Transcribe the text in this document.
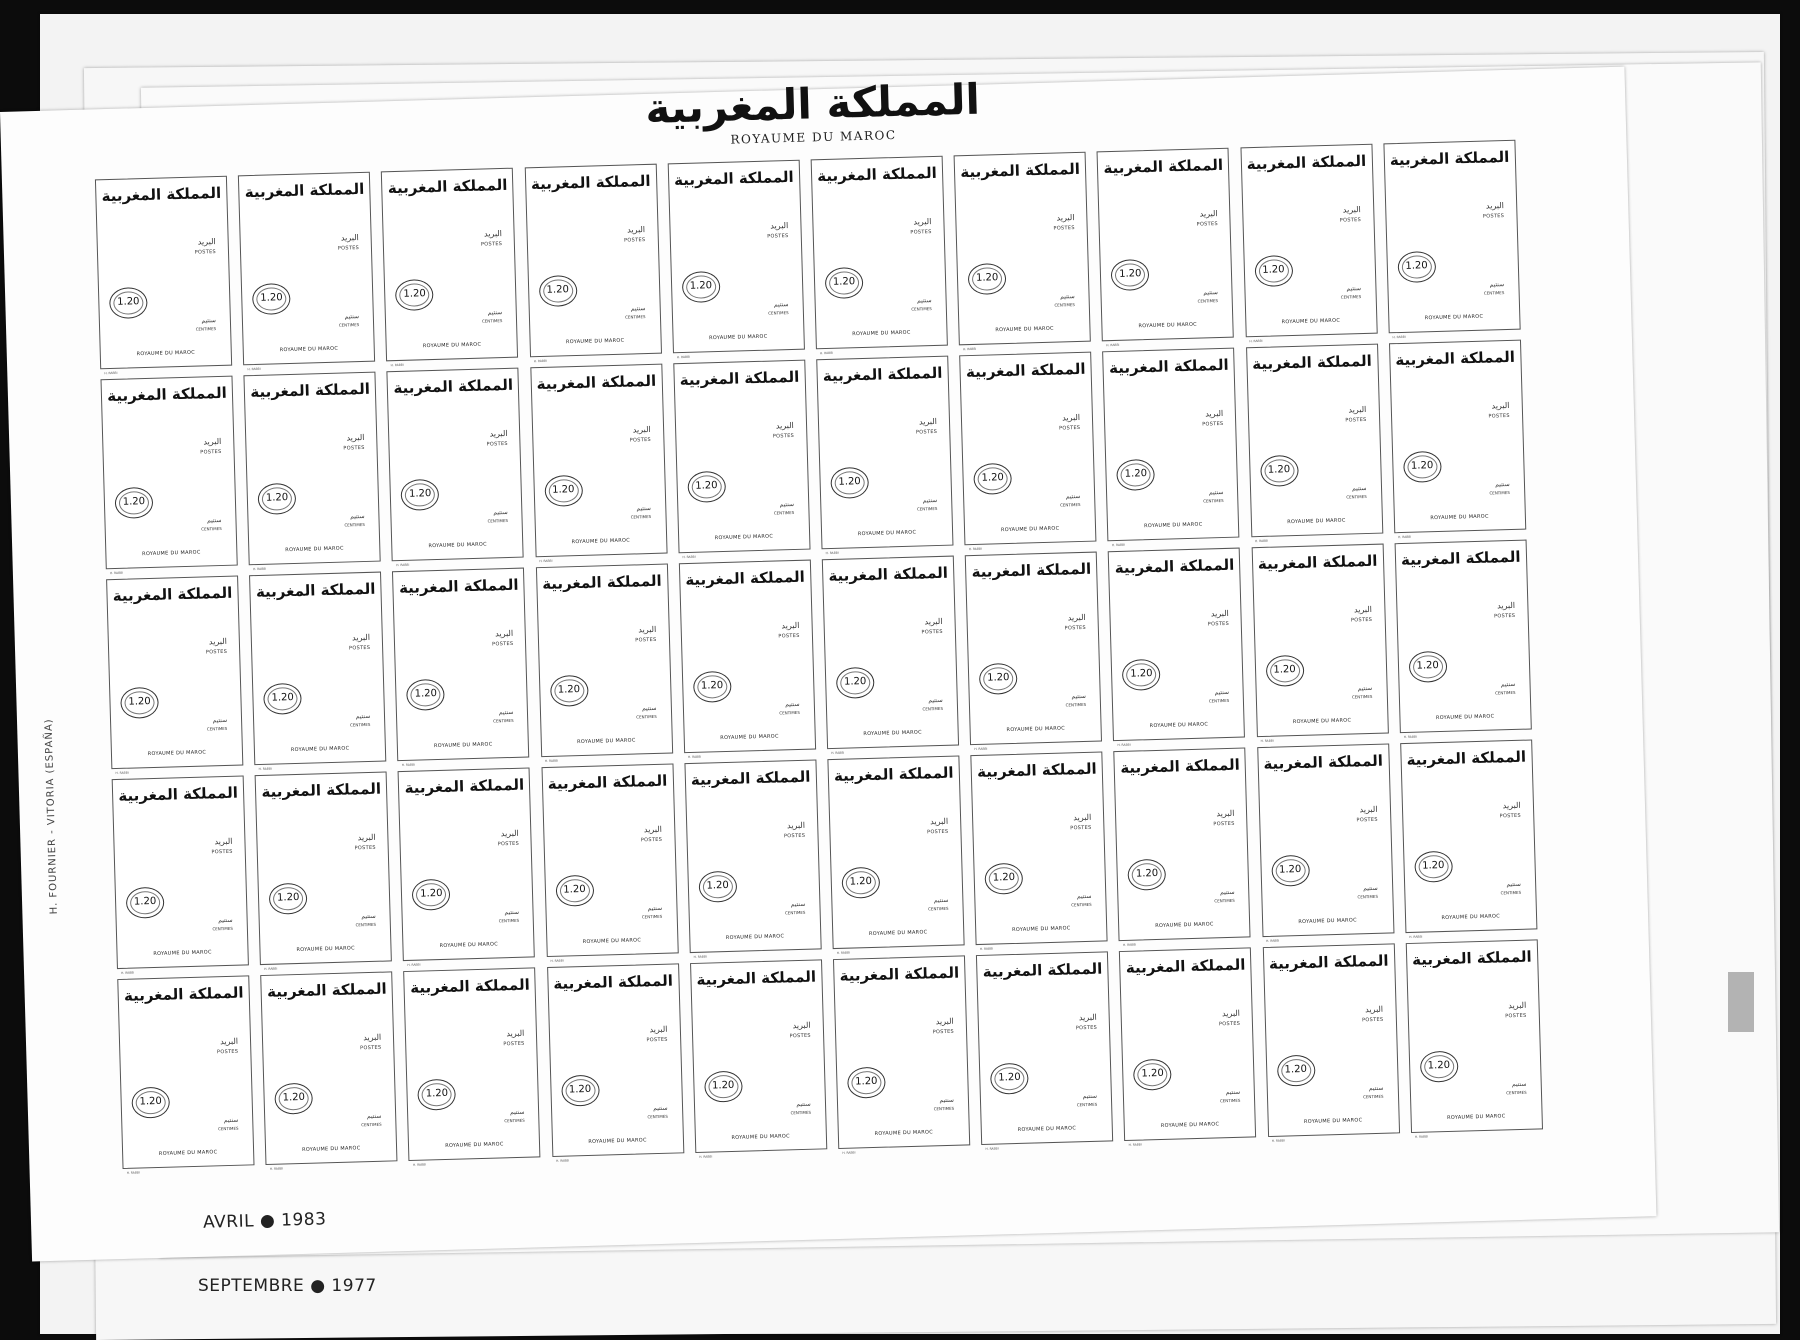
SEPTEMBRE ● 1977
المملكة المغربية
ROYAUME DU MAROC
H. FOURNIER - VITORIA (ESPAÑA)
المملكة المغربية
البريد
POSTES
1.20
سنتيم
CENTIMES
ROYAUME DU MAROC
H. RABBI
المملكة المغربية
البريد
POSTES
1.20
سنتيم
CENTIMES
ROYAUME DU MAROC
H. RABBI
المملكة المغربية
البريد
POSTES
1.20
سنتيم
CENTIMES
ROYAUME DU MAROC
H. RABBI
المملكة المغربية
البريد
POSTES
1.20
سنتيم
CENTIMES
ROYAUME DU MAROC
H. RABBI
المملكة المغربية
البريد
POSTES
1.20
سنتيم
CENTIMES
ROYAUME DU MAROC
H. RABBI
المملكة المغربية
البريد
POSTES
1.20
سنتيم
CENTIMES
ROYAUME DU MAROC
H. RABBI
المملكة المغربية
البريد
POSTES
1.20
سنتيم
CENTIMES
ROYAUME DU MAROC
H. RABBI
المملكة المغربية
البريد
POSTES
1.20
سنتيم
CENTIMES
ROYAUME DU MAROC
H. RABBI
المملكة المغربية
البريد
POSTES
1.20
سنتيم
CENTIMES
ROYAUME DU MAROC
H. RABBI
المملكة المغربية
البريد
POSTES
1.20
سنتيم
CENTIMES
ROYAUME DU MAROC
H. RABBI
المملكة المغربية
البريد
POSTES
1.20
سنتيم
CENTIMES
ROYAUME DU MAROC
H. RABBI
المملكة المغربية
البريد
POSTES
1.20
سنتيم
CENTIMES
ROYAUME DU MAROC
H. RABBI
المملكة المغربية
البريد
POSTES
1.20
سنتيم
CENTIMES
ROYAUME DU MAROC
H. RABBI
المملكة المغربية
البريد
POSTES
1.20
سنتيم
CENTIMES
ROYAUME DU MAROC
H. RABBI
المملكة المغربية
البريد
POSTES
1.20
سنتيم
CENTIMES
ROYAUME DU MAROC
H. RABBI
المملكة المغربية
البريد
POSTES
1.20
سنتيم
CENTIMES
ROYAUME DU MAROC
H. RABBI
المملكة المغربية
البريد
POSTES
1.20
سنتيم
CENTIMES
ROYAUME DU MAROC
H. RABBI
المملكة المغربية
البريد
POSTES
1.20
سنتيم
CENTIMES
ROYAUME DU MAROC
H. RABBI
المملكة المغربية
البريد
POSTES
1.20
سنتيم
CENTIMES
ROYAUME DU MAROC
H. RABBI
المملكة المغربية
البريد
POSTES
1.20
سنتيم
CENTIMES
ROYAUME DU MAROC
H. RABBI
المملكة المغربية
البريد
POSTES
1.20
سنتيم
CENTIMES
ROYAUME DU MAROC
H. RABBI
المملكة المغربية
البريد
POSTES
1.20
سنتيم
CENTIMES
ROYAUME DU MAROC
H. RABBI
المملكة المغربية
البريد
POSTES
1.20
سنتيم
CENTIMES
ROYAUME DU MAROC
H. RABBI
المملكة المغربية
البريد
POSTES
1.20
سنتيم
CENTIMES
ROYAUME DU MAROC
H. RABBI
المملكة المغربية
البريد
POSTES
1.20
سنتيم
CENTIMES
ROYAUME DU MAROC
H. RABBI
المملكة المغربية
البريد
POSTES
1.20
سنتيم
CENTIMES
ROYAUME DU MAROC
H. RABBI
المملكة المغربية
البريد
POSTES
1.20
سنتيم
CENTIMES
ROYAUME DU MAROC
H. RABBI
المملكة المغربية
البريد
POSTES
1.20
سنتيم
CENTIMES
ROYAUME DU MAROC
H. RABBI
المملكة المغربية
البريد
POSTES
1.20
سنتيم
CENTIMES
ROYAUME DU MAROC
H. RABBI
المملكة المغربية
البريد
POSTES
1.20
سنتيم
CENTIMES
ROYAUME DU MAROC
H. RABBI
المملكة المغربية
البريد
POSTES
1.20
سنتيم
CENTIMES
ROYAUME DU MAROC
H. RABBI
المملكة المغربية
البريد
POSTES
1.20
سنتيم
CENTIMES
ROYAUME DU MAROC
H. RABBI
المملكة المغربية
البريد
POSTES
1.20
سنتيم
CENTIMES
ROYAUME DU MAROC
H. RABBI
المملكة المغربية
البريد
POSTES
1.20
سنتيم
CENTIMES
ROYAUME DU MAROC
H. RABBI
المملكة المغربية
البريد
POSTES
1.20
سنتيم
CENTIMES
ROYAUME DU MAROC
H. RABBI
المملكة المغربية
البريد
POSTES
1.20
سنتيم
CENTIMES
ROYAUME DU MAROC
H. RABBI
المملكة المغربية
البريد
POSTES
1.20
سنتيم
CENTIMES
ROYAUME DU MAROC
H. RABBI
المملكة المغربية
البريد
POSTES
1.20
سنتيم
CENTIMES
ROYAUME DU MAROC
H. RABBI
المملكة المغربية
البريد
POSTES
1.20
سنتيم
CENTIMES
ROYAUME DU MAROC
H. RABBI
المملكة المغربية
البريد
POSTES
1.20
سنتيم
CENTIMES
ROYAUME DU MAROC
H. RABBI
المملكة المغربية
البريد
POSTES
1.20
سنتيم
CENTIMES
ROYAUME DU MAROC
H. RABBI
المملكة المغربية
البريد
POSTES
1.20
سنتيم
CENTIMES
ROYAUME DU MAROC
H. RABBI
المملكة المغربية
البريد
POSTES
1.20
سنتيم
CENTIMES
ROYAUME DU MAROC
H. RABBI
المملكة المغربية
البريد
POSTES
1.20
سنتيم
CENTIMES
ROYAUME DU MAROC
H. RABBI
المملكة المغربية
البريد
POSTES
1.20
سنتيم
CENTIMES
ROYAUME DU MAROC
H. RABBI
المملكة المغربية
البريد
POSTES
1.20
سنتيم
CENTIMES
ROYAUME DU MAROC
H. RABBI
المملكة المغربية
البريد
POSTES
1.20
سنتيم
CENTIMES
ROYAUME DU MAROC
H. RABBI
المملكة المغربية
البريد
POSTES
1.20
سنتيم
CENTIMES
ROYAUME DU MAROC
H. RABBI
المملكة المغربية
البريد
POSTES
1.20
سنتيم
CENTIMES
ROYAUME DU MAROC
H. RABBI
المملكة المغربية
البريد
POSTES
1.20
سنتيم
CENTIMES
ROYAUME DU MAROC
H. RABBI
AVRIL ● 1983
